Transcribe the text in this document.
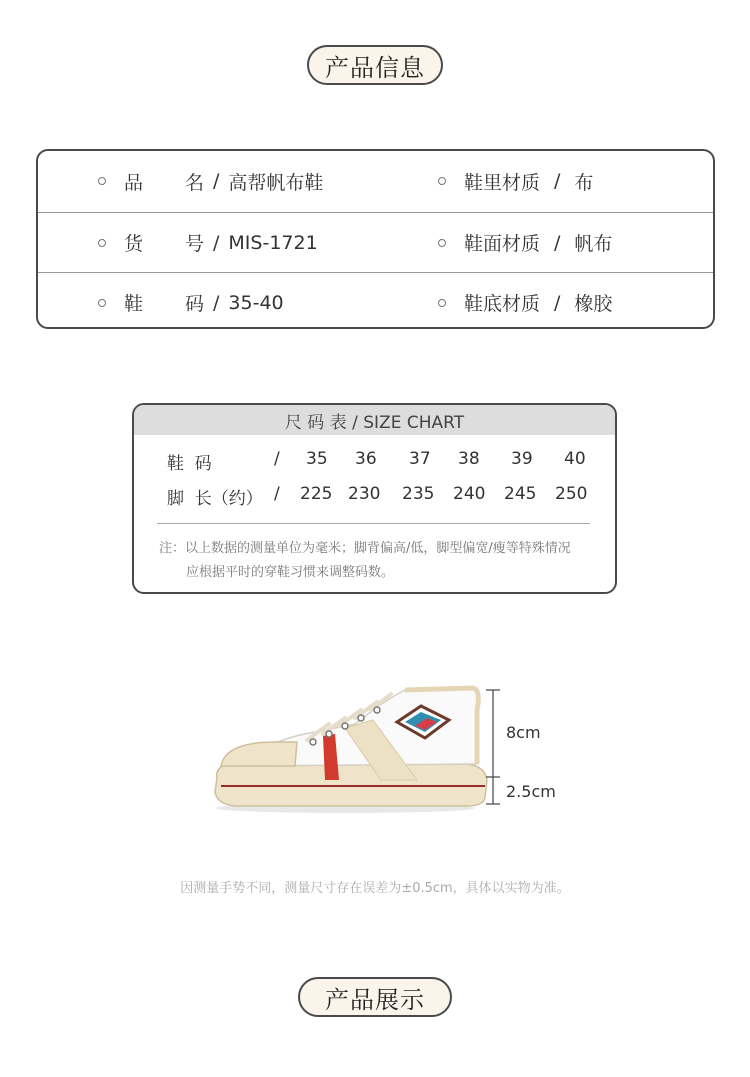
产品信息
品 名 / 高帮帆布鞋	鞋里材质 / 布
货 号 / MIS-1721	鞋面材质 / 帆布
鞋 码 / 35-40	鞋底材质 / 橡胶
尺 码 表 / SIZE CHART
鞋  码	/ 35 36 37 38 39 40
脚  长（约） / 225 230 235 240 245 250
注：以上数据的测量单位为毫米；脚背偏高/低，脚型偏宽/瘦等特殊情况
应根据平时的穿鞋习惯来调整码数。
8cm
2.5cm
因测量手势不同，测量尺寸存在误差为±0.5cm，具体以实物为准。
产品展示
